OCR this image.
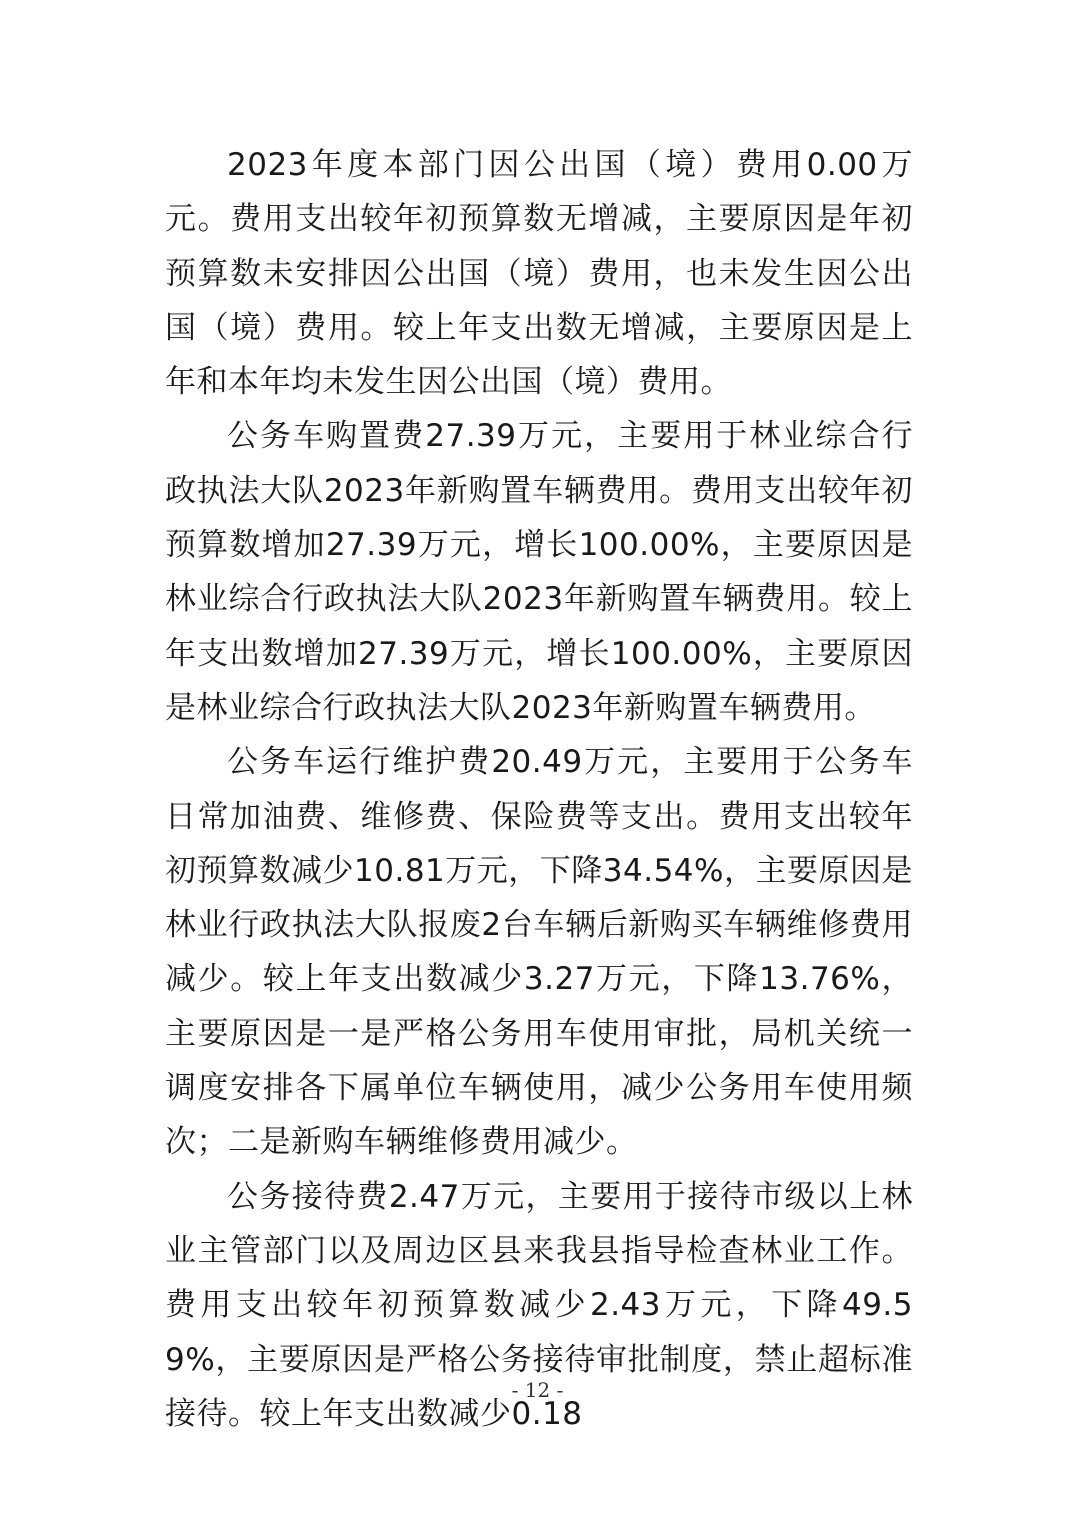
2023年度本部门因公出国（境）费用0.00万元。费用支出较年初预算数无增减，主要原因是年初预算数未安排因公出国（境）费用，也未发生因公出国（境）费用。较上年支出数无增减，主要原因是上年和本年均未发生因公出国（境）费用。

公务车购置费27.39万元，主要用于林业综合行政执法大队2023年新购置车辆费用。费用支出较年初预算数增加27.39万元，增长100.00%，主要原因是林业综合行政执法大队2023年新购置车辆费用。较上年支出数增加27.39万元，增长100.00%，主要原因是林业综合行政执法大队2023年新购置车辆费用。

公务车运行维护费20.49万元，主要用于公务车日常加油费、维修费、保险费等支出。费用支出较年初预算数减少10.81万元，下降34.54%，主要原因是林业行政执法大队报废2台车辆后新购买车辆维修费用减少。较上年支出数减少3.27万元，下降13.76%，主要原因是一是严格公务用车使用审批，局机关统一调度安排各下属单位车辆使用，减少公务用车使用频次；二是新购车辆维修费用减少。

公务接待费2.47万元，主要用于接待市级以上林业主管部门以及周边区县来我县指导检查林业工作。费用支出较年初预算数减少2.43万元，下降49.59%，主要原因是严格公务接待审批制度，禁止超标准接待。较上年支出数减少0.18

- 12 -
